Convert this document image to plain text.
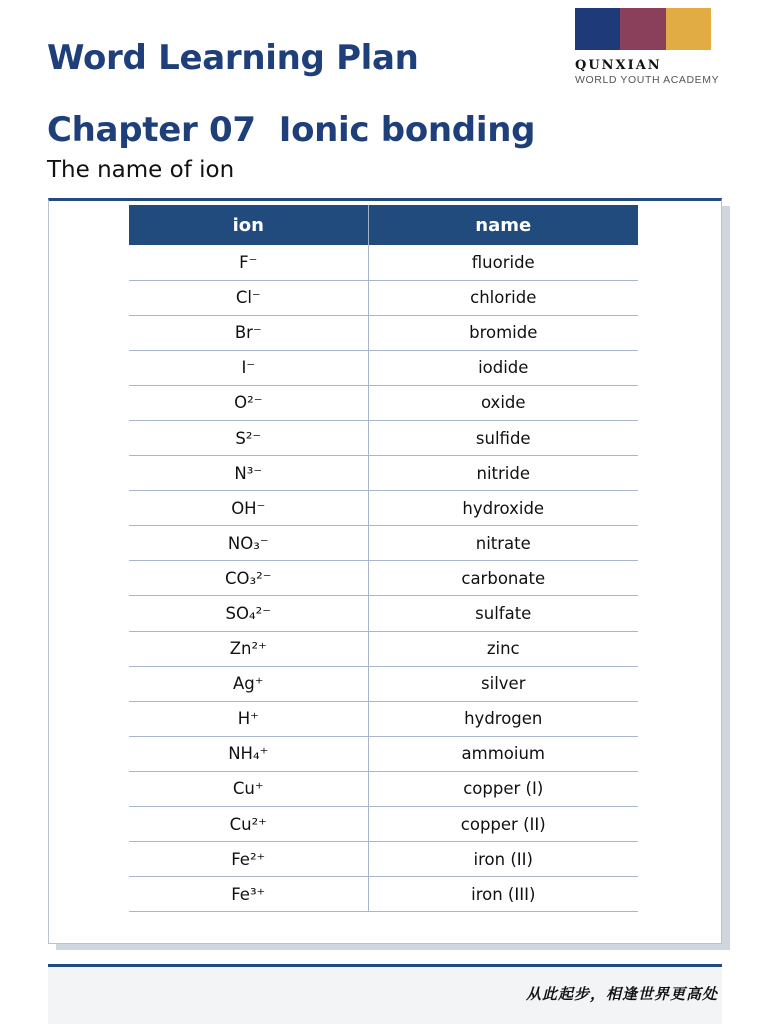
QUNXIAN
WORLD YOUTH ACADEMY
Word Learning Plan
Chapter 07  Ionic bonding
The name of ion
ion	name
F⁻	fluoride
Cl⁻	chloride
Br⁻	bromide
I⁻	iodide
O²⁻	oxide
S²⁻	sulfide
N³⁻	nitride
OH⁻	hydroxide
NO₃⁻	nitrate
CO₃²⁻	carbonate
SO₄²⁻	sulfate
Zn²⁺	zinc
Ag⁺	silver
H⁺	hydrogen
NH₄⁺	ammoium
Cu⁺	copper (I)
Cu²⁺	copper (II)
Fe²⁺	iron (II)
Fe³⁺	iron (III)
从此起步，相逢世界更高处
